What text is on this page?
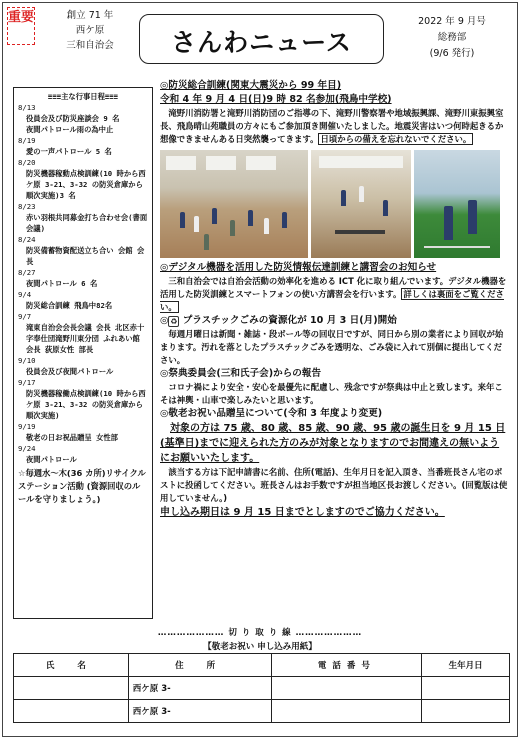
重要	創立 71 年
西ケ原
三和自治会	さんわニュース
2022 年 9 月号
総務部
(9/6 発行)
≡≡≡主な行事日程≡≡≡
8/13
役員会及び防災座談会 9 名
夜間パトロール雨の為中止
8/19
愛の一声パトロール 5 名
8/20
防災機器稼動点検訓練(10 時から西ケ原 3-21、3-32 の防災倉庫から順次実施)3 名
8/23
赤い羽根共同募金打ち合わせ会(書面会議)
8/24
防災備蓄物資配送立ち合い 会館 会長
8/27
夜間パトロール 6 名
9/4
防災総合訓練 飛鳥中82名
9/7
滝東自治会会長会議 会長 北区赤十字奉仕団滝野川東分団 ふれあい館 会長 荻原女性 部長
9/10
役員会及び夜間パトロール
9/17
防災機器稼働点検訓練(10 時から西ケ原 3-21、3-32 の防災倉庫から順次実施)
9/19
敬老の日お祝品贈呈 女性部
9/24
夜間パトロール
☆毎週水～木(36 カ所)リサイクルステーション活動 (資源回収のルールを守りましょう。)
◎防災総合訓練(関東大震災から 99 年目)
令和 4 年 9 月 4 日(日)9 時 82 名参加(飛鳥中学校)
滝野川消防署と滝野川消防団のご指導の下、滝野川警察署や地域振興課、滝野川東振興室長、飛鳥晴山苑職員の方々にもご参加頂き開催いたしました。地震災害はいつ何時起きるか想像できませんある日突然襲ってきます。 日頃からの備えを忘れないでください。
◎デジタル機器を活用した防災情報伝達訓練と講習会のお知らせ
三和自治会では自治会活動の効率化を進める ICT 化に取り組んでいます。デジタル機器を活用した防災訓練とスマートフォンの使い方講習会を行います。 詳しくは裏面をご覧ください。
◎ ♻ プラスチックごみの資源化が 10 月 3 日(月)開始
毎週月曜日は新聞・雑誌・段ボール等の回収日ですが、同日から別の業者により回収が始まります。汚れを落としたプラスチックごみを透明な、ごみ袋に入れて別個に提出してください。
◎祭典委員会(三和氏子会)からの報告
コロナ禍により安全・安心を最優先に配慮し、残念ですが祭典は中止と致します。来年こそは神輿・山車で楽しみたいと思います。
◎敬老お祝い品贈呈について(令和 3 年度より変更)
対象の方は 75 歳、80 歳、85 歳、90 歳、95 歳の誕生日を 9 月 15 日(基準日)までに迎えられた方のみが対象となりますのでお間違えの無いようにお願いいたします。
該当する方は下記申請書に名前、住所(電話)、生年月日を記入頂き、当番班長さん宅のポストに投函してください。班長さんはお手数ですが担当地区長お渡しください。(回覧版は使用していません。)
申し込み期日は 9 月 15 日までとしますのでご協力ください。
………………… 切 り 取 り 線 …………………
【敬老お祝い 申し込み用紙】
氏 名	住 所	電話番号	生年月日
	西ケ原 3-		
	西ケ原 3-		
